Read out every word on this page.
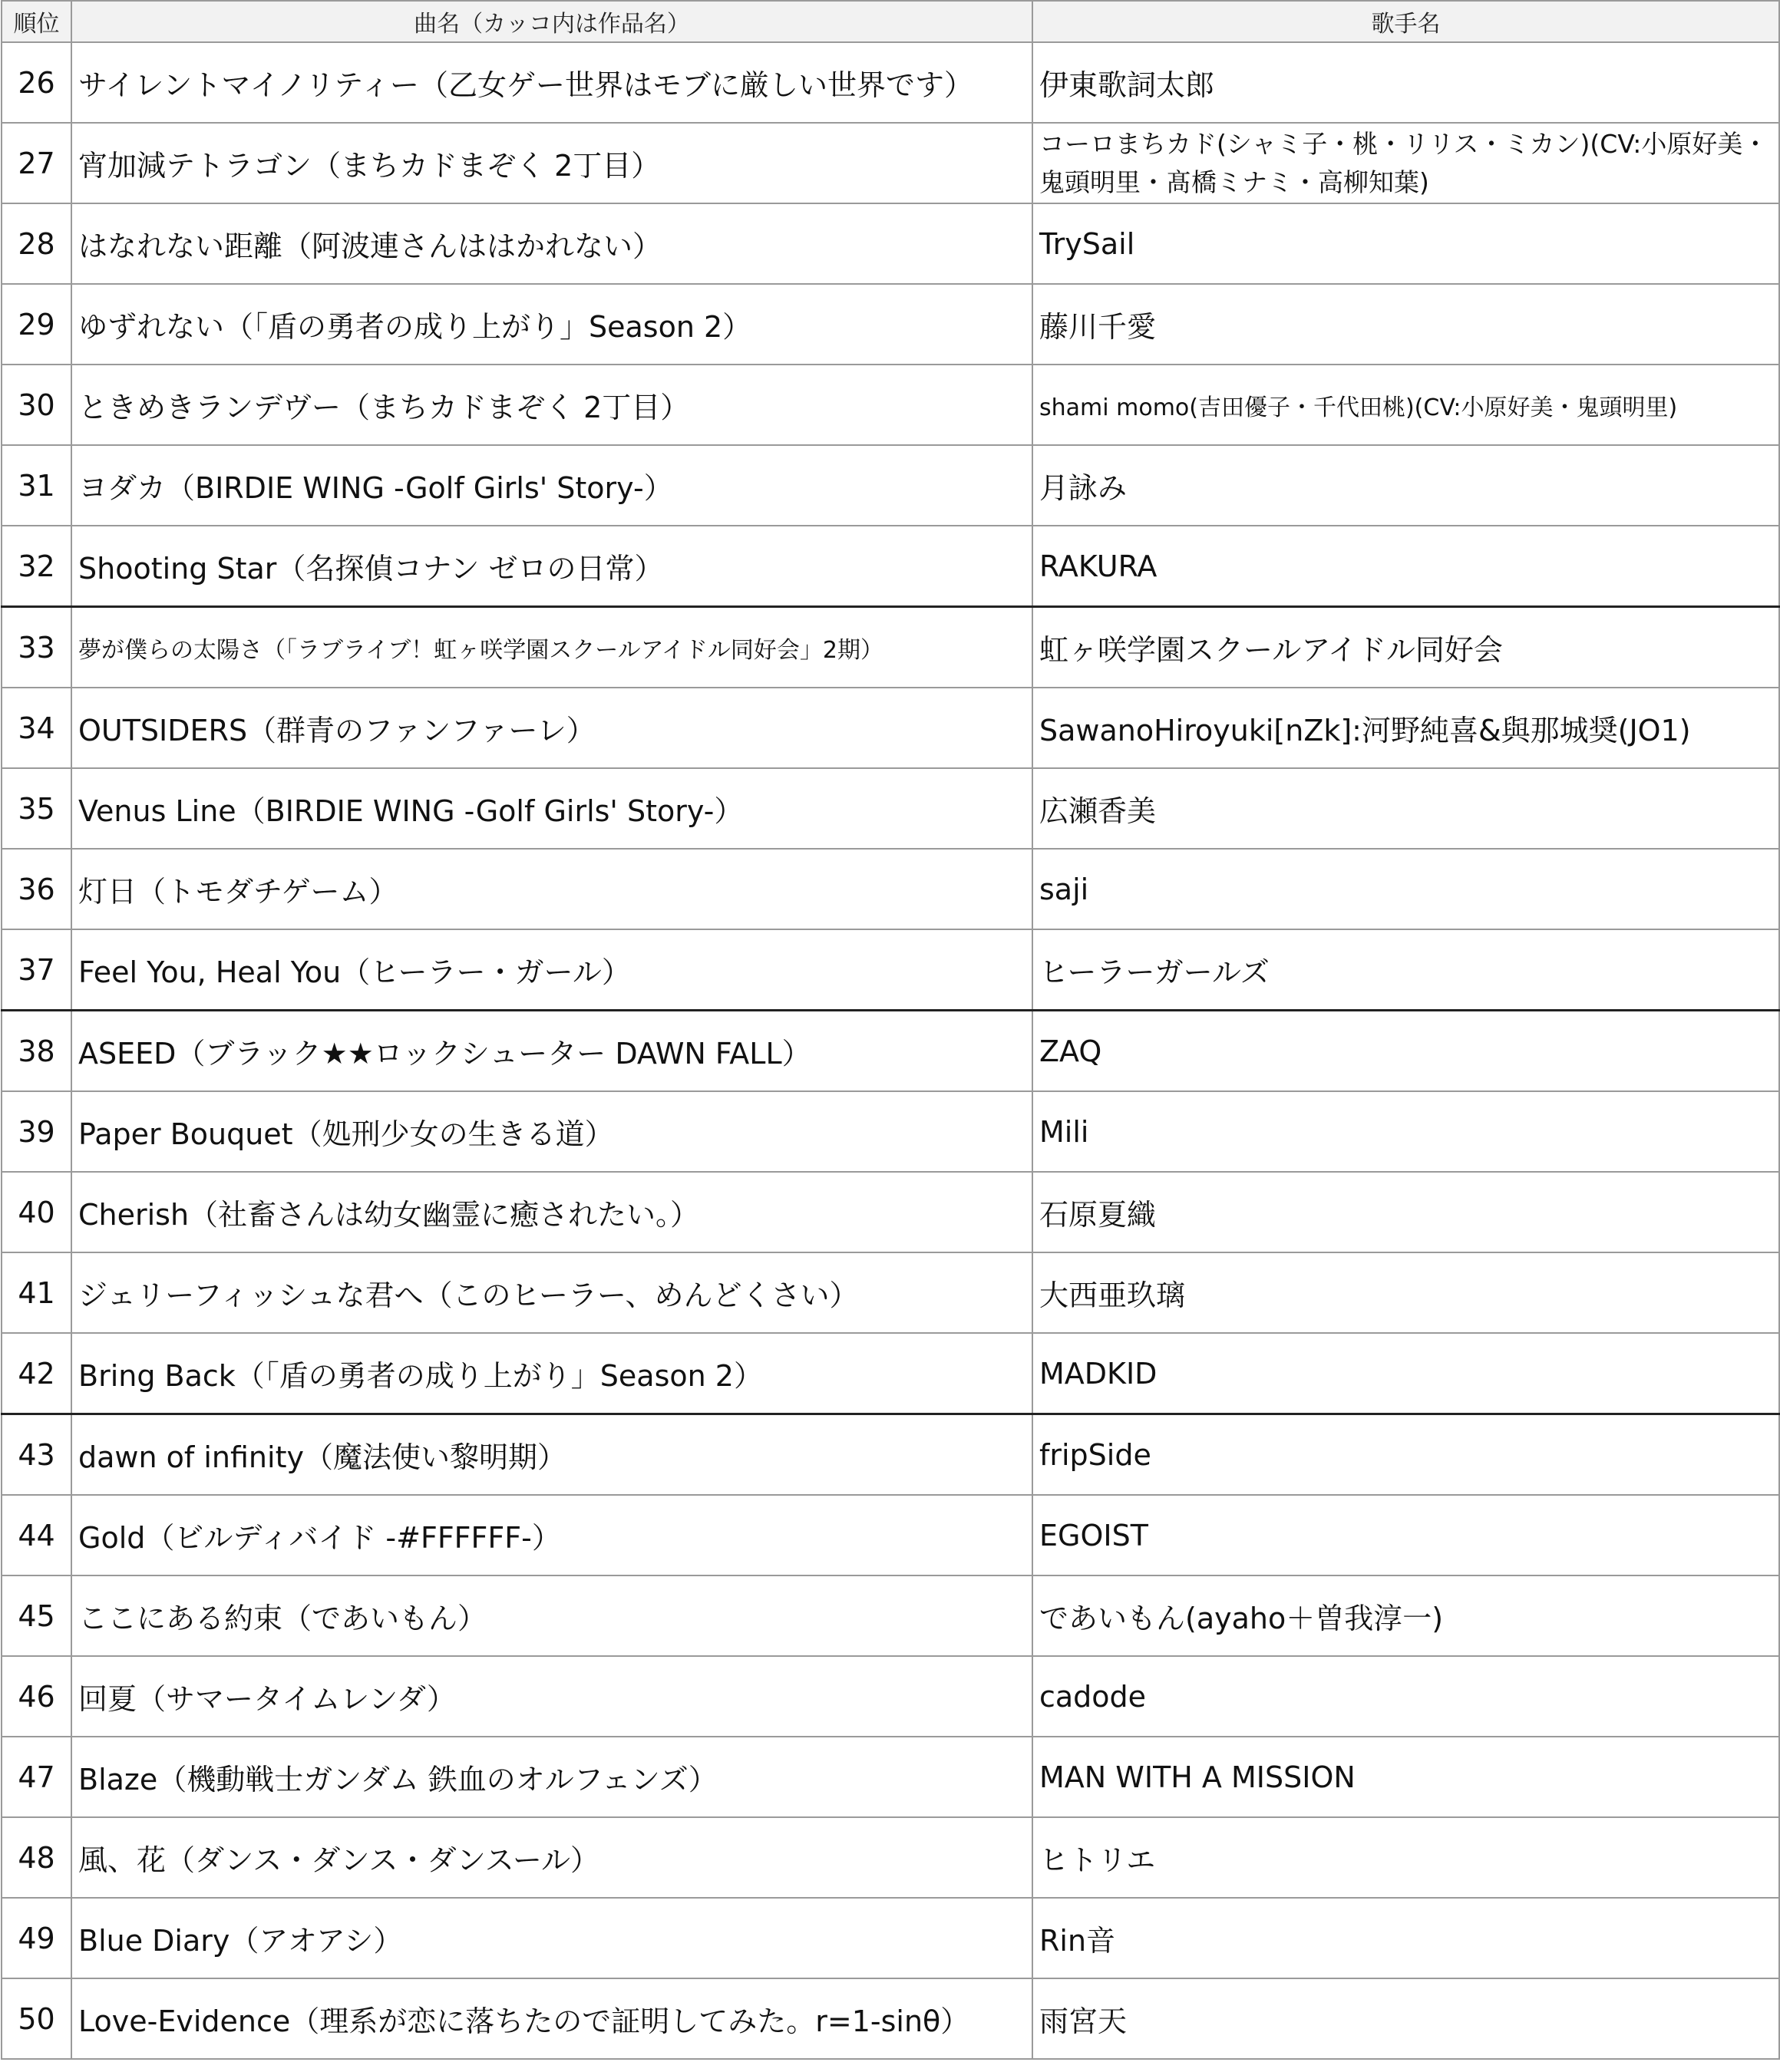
順位	曲名（カッコ内は作品名）	歌手名
26	サイレントマイノリティー（乙女ゲー世界はモブに厳しい世界です）	伊東歌詞太郎
27	宵加減テトラゴン（まちカドまぞく 2丁目）	コーロまちカド(シャミ子・桃・リリス・ミカン)(CV:小原好美・鬼頭明里・髙橋ミナミ・高柳知葉)
28	はなれない距離（阿波連さんははかれない）	TrySail
29	ゆずれない（「盾の勇者の成り上がり」Season 2）	藤川千愛
30	ときめきランデヴー（まちカドまぞく 2丁目）	shami momo(吉田優子・千代田桃)(CV:小原好美・鬼頭明里)
31	ヨダカ（BIRDIE WING -Golf Girls' Story-）	月詠み
32	Shooting Star（名探偵コナン ゼロの日常）	RAKURA
33	夢が僕らの太陽さ（「ラブライブ！虹ヶ咲学園スクールアイドル同好会」2期）	虹ヶ咲学園スクールアイドル同好会
34	OUTSIDERS（群青のファンファーレ）	SawanoHiroyuki[nZk]:河野純喜&與那城奨(JO1)
35	Venus Line（BIRDIE WING -Golf Girls' Story-）	広瀬香美
36	灯日（トモダチゲーム）	saji
37	Feel You, Heal You（ヒーラー・ガール）	ヒーラーガールズ
38	ASEED（ブラック★★ロックシューター DAWN FALL）	ZAQ
39	Paper Bouquet（処刑少女の生きる道）	Mili
40	Cherish（社畜さんは幼女幽霊に癒されたい。）	石原夏織
41	ジェリーフィッシュな君へ（このヒーラー、めんどくさい）	大西亜玖璃
42	Bring Back（「盾の勇者の成り上がり」Season 2）	MADKID
43	dawn of infinity（魔法使い黎明期）	fripSide
44	Gold（ビルディバイド -#FFFFFF-）	EGOIST
45	ここにある約束（であいもん）	であいもん(ayaho＋曽我淳一)
46	回夏（サマータイムレンダ）	cadode
47	Blaze（機動戦士ガンダム 鉄血のオルフェンズ）	MAN WITH A MISSION
48	風、花（ダンス・ダンス・ダンスール）	ヒトリエ
49	Blue Diary（アオアシ）	Rin音
50	Love-Evidence（理系が恋に落ちたので証明してみた。r=1-sinθ）	雨宮天
